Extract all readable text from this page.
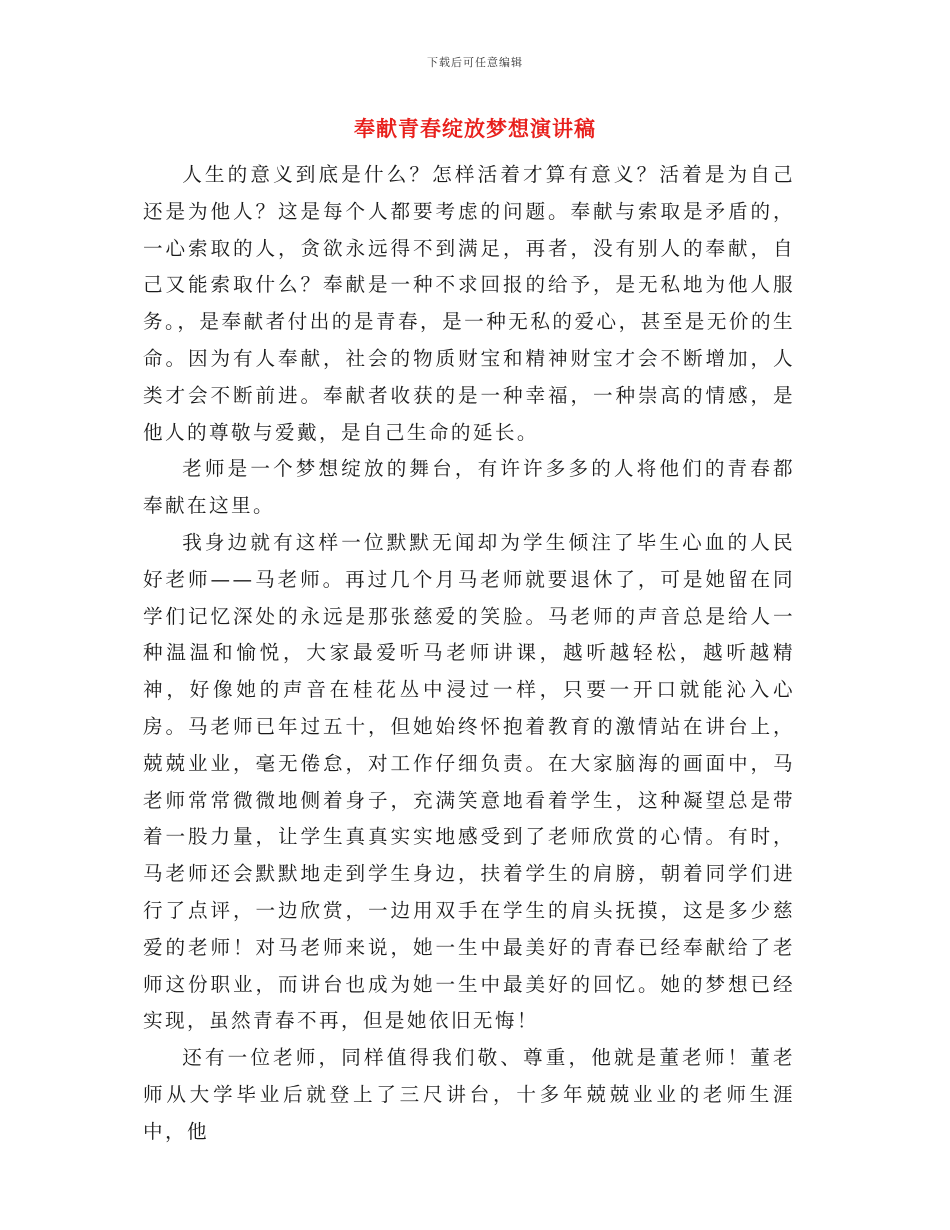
下载后可任意编辑
奉献青春绽放梦想演讲稿

人生的意义到底是什么？怎样活着才算有意义？活着是为自己还是为他人？这是每个人都要考虑的问题。奉献与索取是矛盾的，一心索取的人，贪欲永远得不到满足，再者，没有别人的奉献，自己又能索取什么？奉献是一种不求回报的给予，是无私地为他人服务。，是奉献者付出的是青春，是一种无私的爱心，甚至是无价的生命。因为有人奉献，社会的物质财宝和精神财宝才会不断增加，人类才会不断前进。奉献者收获的是一种幸福，一种崇高的情感，是他人的尊敬与爱戴，是自己生命的延长。

老师是一个梦想绽放的舞台，有许许多多的人将他们的青春都奉献在这里。

我身边就有这样一位默默无闻却为学生倾注了毕生心血的人民好老师——马老师。再过几个月马老师就要退休了，可是她留在同学们记忆深处的永远是那张慈爱的笑脸。马老师的声音总是给人一种温温和愉悦，大家最爱听马老师讲课，越听越轻松，越听越精神，好像她的声音在桂花丛中浸过一样，只要一开口就能沁入心房。马老师已年过五十，但她始终怀抱着教育的激情站在讲台上，兢兢业业，毫无倦怠，对工作仔细负责。在大家脑海的画面中，马老师常常微微地侧着身子，充满笑意地看着学生，这种凝望总是带着一股力量，让学生真真实实地感受到了老师欣赏的心情。有时，马老师还会默默地走到学生身边，扶着学生的肩膀，朝着同学们进行了点评，一边欣赏，一边用双手在学生的肩头抚摸，这是多少慈爱的老师！对马老师来说，她一生中最美好的青春已经奉献给了老师这份职业，而讲台也成为她一生中最美好的回忆。她的梦想已经实现，虽然青春不再，但是她依旧无悔！

还有一位老师，同样值得我们敬、尊重，他就是董老师！董老师从大学毕业后就登上了三尺讲台，十多年兢兢业业的老师生涯中，他
